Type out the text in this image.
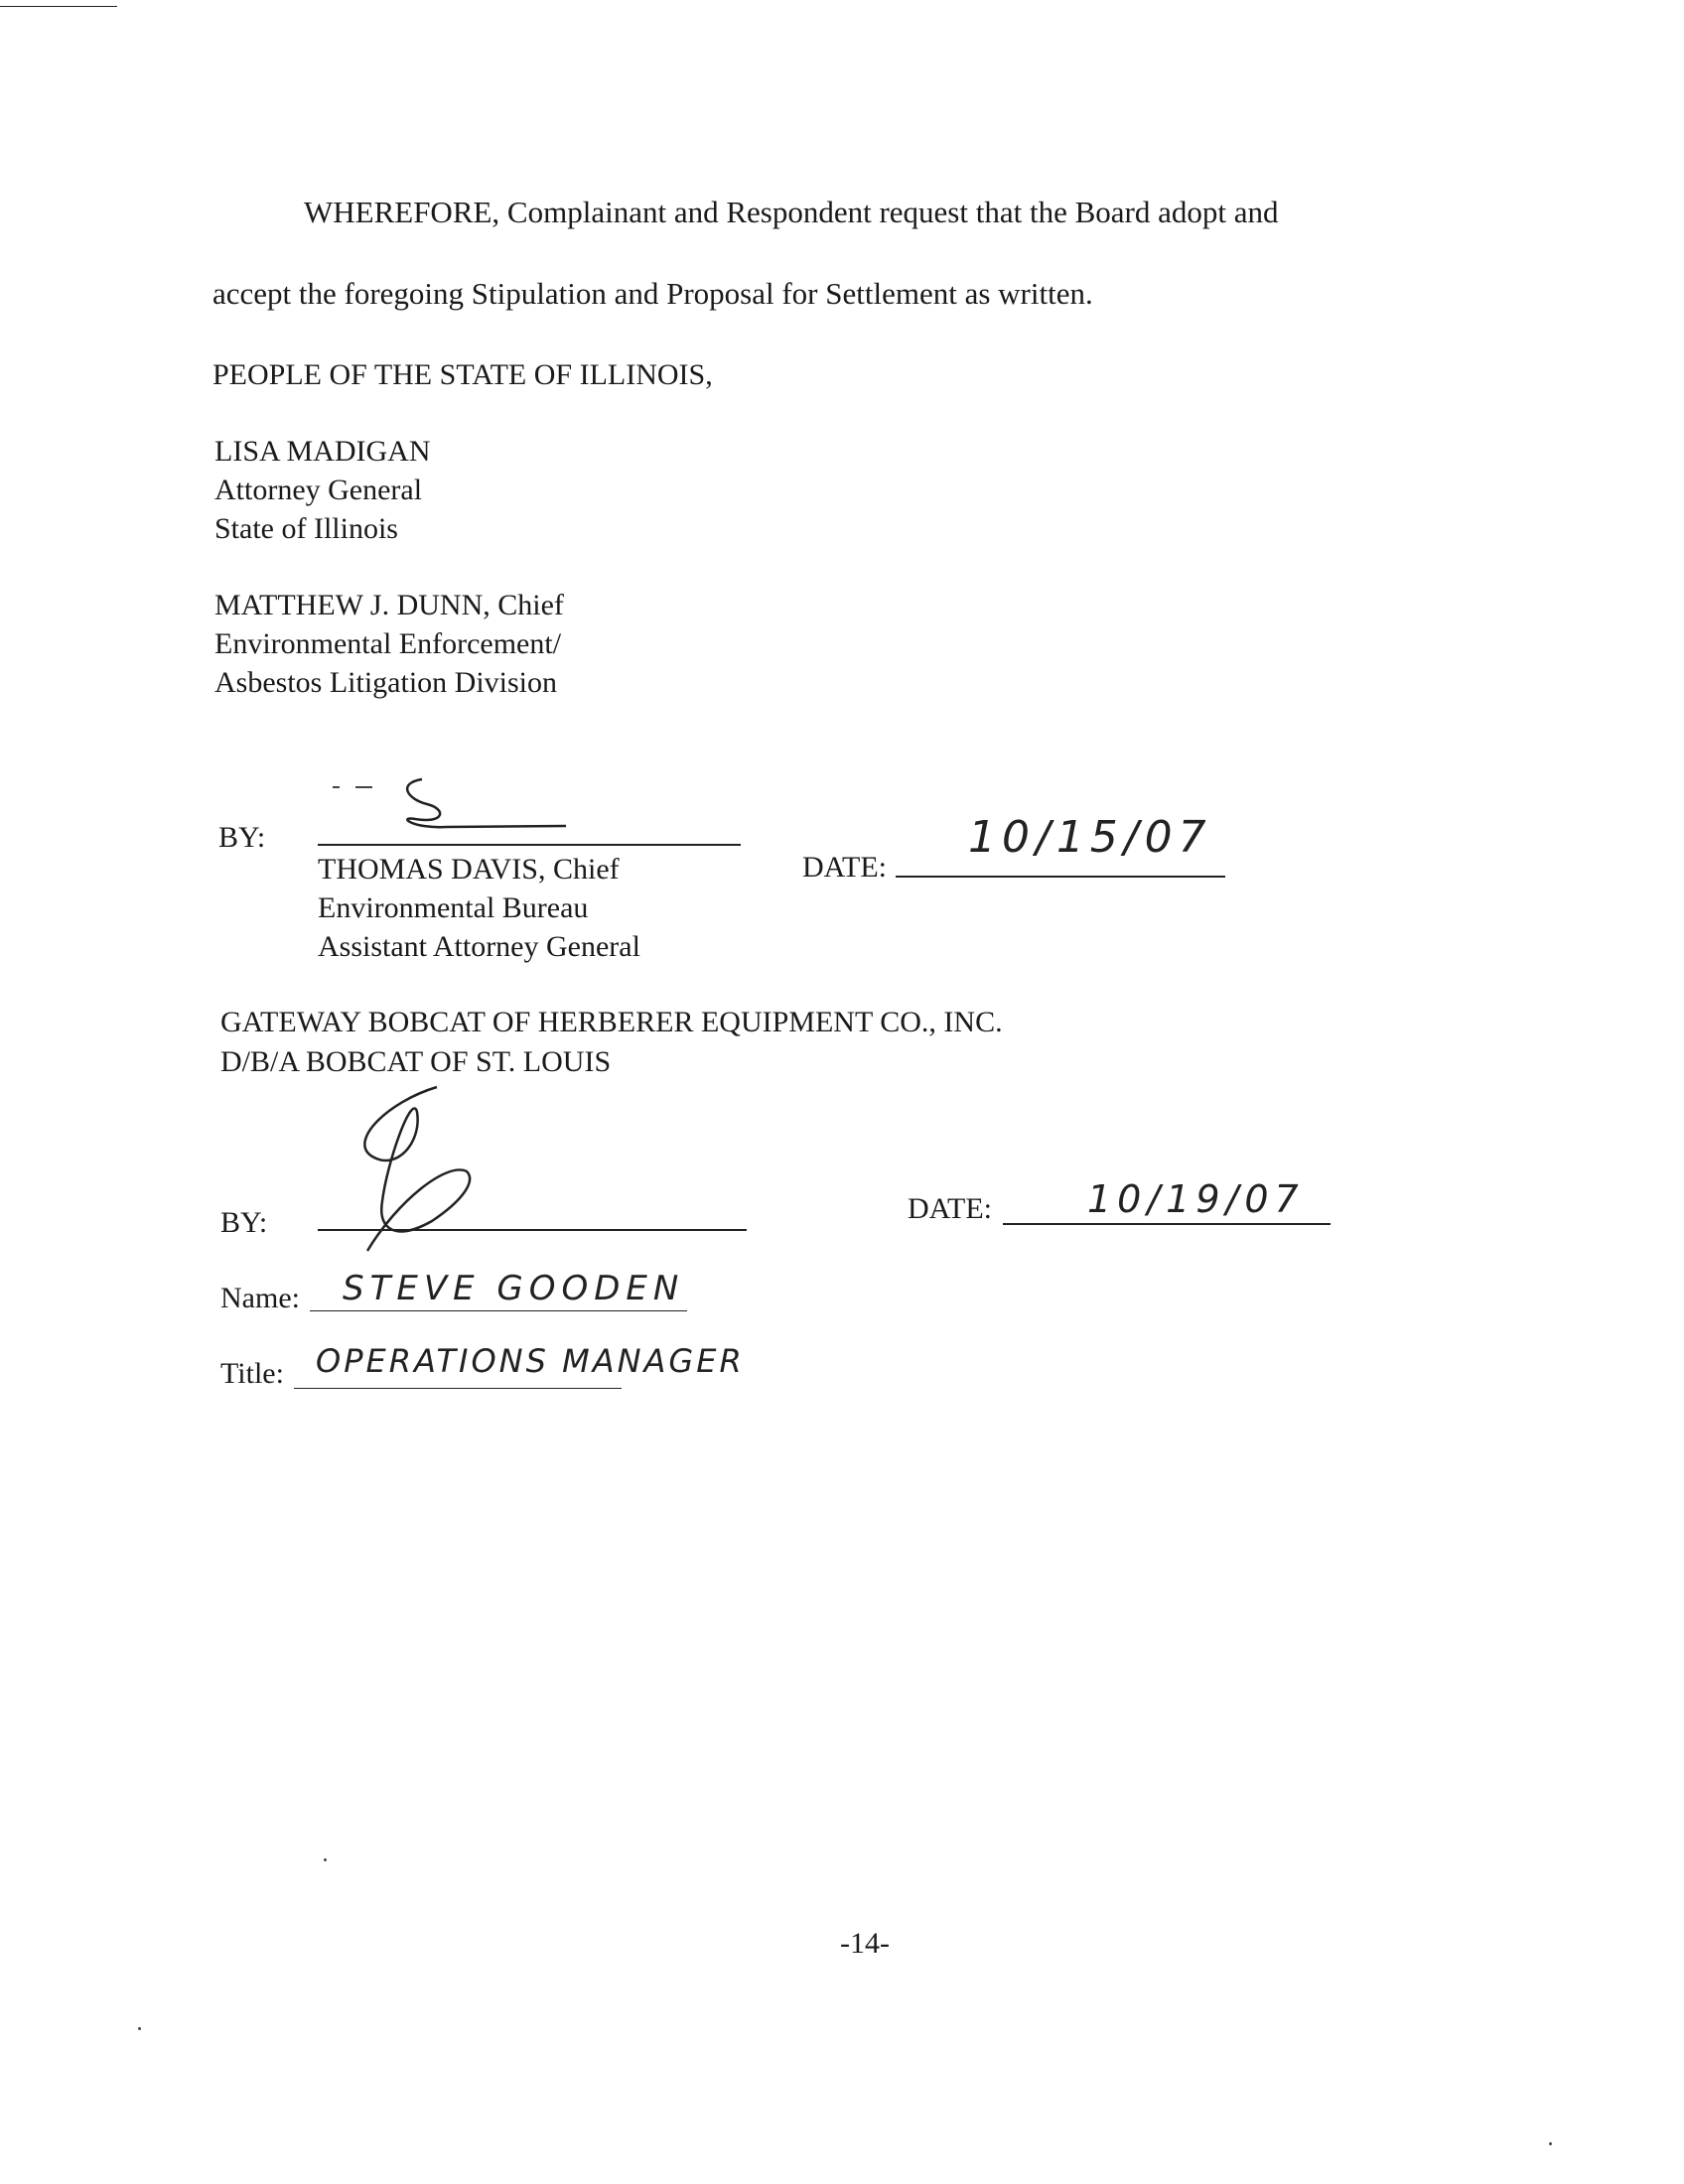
WHEREFORE, Complainant and Respondent request that the Board adopt and
accept the foregoing Stipulation and Proposal for Settlement as written.
PEOPLE OF THE STATE OF ILLINOIS,
LISA MADIGAN
Attorney General
State of Illinois
MATTHEW J. DUNN, Chief
Environmental Enforcement/
Asbestos Litigation Division
BY:
THOMAS DAVIS, Chief
Environmental Bureau
Assistant Attorney General
DATE:
10/15/07
GATEWAY BOBCAT OF HERBERER EQUIPMENT CO., INC.
D/B/A BOBCAT OF ST. LOUIS
BY:	DATE:	10/19/07
Name: STEVE GOODEN
Title: OPERATIONS MANAGER
-14-
